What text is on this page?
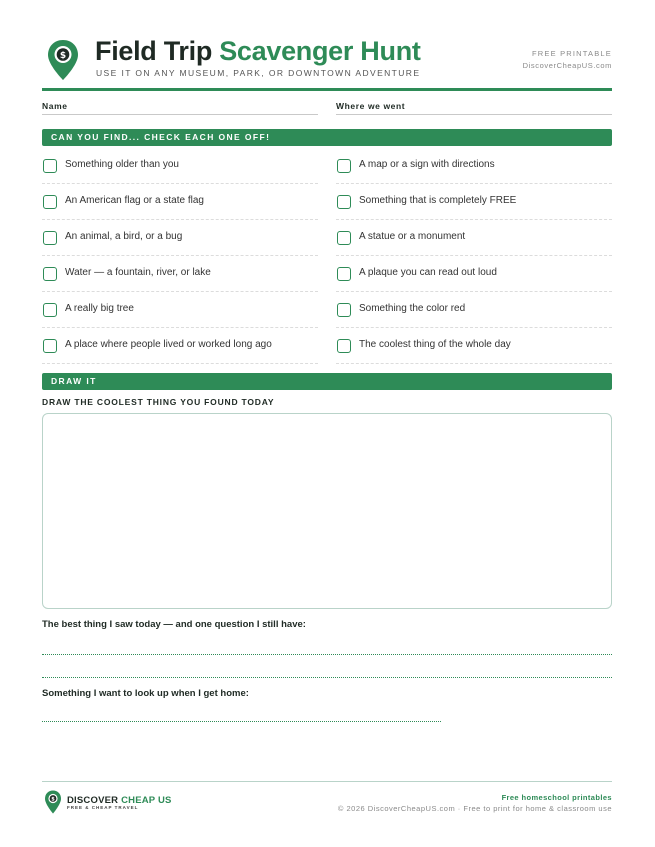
$ Field Trip Scavenger Hunt
USE IT ON ANY MUSEUM, PARK, OR DOWNTOWN ADVENTURE
FREE PRINTABLE
DiscoverCheapUS.com
Name	Where we went
CAN YOU FIND... CHECK EACH ONE OFF!
Something older than you
An American flag or a state flag
An animal, a bird, or a bug
Water — a fountain, river, or lake
A really big tree
A place where people lived or worked long ago
A map or a sign with directions
Something that is completely FREE
A statue or a monument
A plaque you can read out loud
Something the color red
The coolest thing of the whole day
DRAW IT
DRAW THE COOLEST THING YOU FOUND TODAY
The best thing I saw today — and one question I still have:
Something I want to look up when I get home:
$ DISCOVER CHEAP US
FREE & CHEAP TRAVEL
Free homeschool printables
© 2026 DiscoverCheapUS.com · Free to print for home & classroom use
